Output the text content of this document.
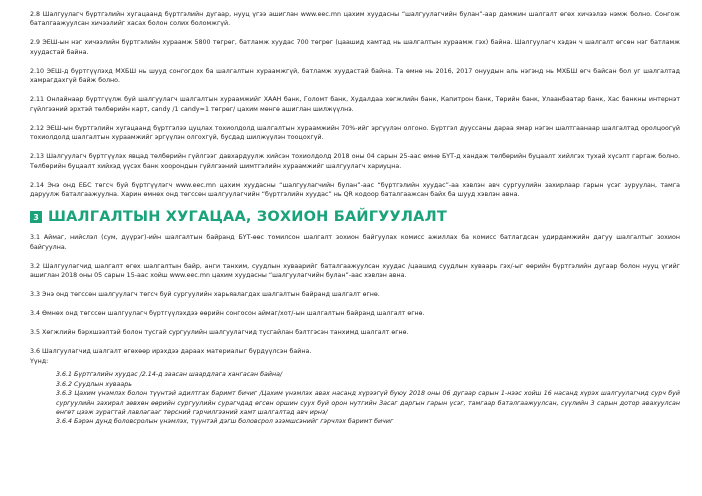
2.8 Шалгуулагч бүртгэлийн хугацаанд бүртгэлийн дугаар, нууц үгээ ашиглан www.eec.mn цахим хуудасны “шалгуулагчийн булан”-аар дамжин шалгалт өгөх хичээлээ нэмж болно. Сонгож баталгаажуулсан хичээлийг хасах болон солих боломжгүй.

2.9 ЭЕШ-ын нэг хичээлийн бүртгэлийн хураамж 5800 төгрөг, батламж хуудас 700 төгрөг (цаашид хамтад нь шалгалтын хураамж гэх) байна. Шалгуулагч хэдэн ч шалгалт өгсөн нэг батламж хуудастай байна.

2.10 ЭЕШ-д бүртгүүлэхд МХБШ нь шууд сонгогдох ба шалгалтын хураамжгүй, батламж хуудастай байна. Та өмнө нь 2016, 2017 онуудын аль нэгэнд нь МХБШ өгч байсан бол уг шалгалтад хамрагдахгүй байж болно.

2.11 Онлайнаар бүртгүүлж буй шалгуулагч шалгалтын хураамжийг ХААН банк, Голомт банк, Худалдаа хөгжлийн банк, Капитрон банк, Төрийн банк, Улаанбаатар банк, Хас банкны интернэт гүйлгээний эрхтэй төлбөрийн карт, candy /1 candy=1 төгрөг/ цахим мөнгө ашиглан шилжүүлнэ.

2.12 ЭЕШ-ын бүртгэлийн хугацаанд бүртгэлээ цуцлах тохиолдолд шалгалтын хураамжийн 70%-ийг эргүүлэн олгоно. Бүртгэл дууссаны дараа ямар нэгэн шалтгаанаар шалгалтад оролцоогүй тохиолдолд шалгалтын хураамжийг эргүүлэн олгохгүй, бусдад шилжүүлэн тооцохгүй.

2.13 Шалгуулагч бүртгүүлэх явцад төлбөрийн гүйлгээг давхардуулж хийсэн тохиолдолд 2018 оны 04 сарын 25-аас өмнө БҮТ-д хандаж төлбөрийн буцаалт хийлгэх тухай хүсэлт гаргаж болно. Төлбөрийн буцаалт хийхэд үүсэх банк хоорондын гүйлгээний шимтгэлийн хураамжийг шалгуулагч хариуцна.

2.14 Энэ онд ЕБС төгсч буй бүртгүүлэгч www.eec.mn цахим хуудасны “шалгуулагчийн булан”-аас “бүртгэлийн хуудас”-аа хэвлэн авч сургуулийн захирлаар гарын үсэг зуруулан, тамга даруулж баталгаажуулна. Харин өмнөх онд төгссөн шалгуулагчийн “бүртгэлийн хуудас” нь QR кодоор баталгаажсан байх ба шууд хэвлэн авна.

3 ШАЛГАЛТЫН ХУГАЦАА, ЗОХИОН БАЙГУУЛАЛТ

3.1 Аймаг, нийслэл (сум, дүүрэг)-ийн шалгалтын байранд БҮТ-өөс томилсон шалгалт зохион байгуулах комисс ажиллах ба комисс батлагдсан удирдамжийн дагуу шалгалтыг зохион байгуулна.

3.2 Шалгуулагчид шалгалт өгөх шалгалтын байр, анги танхим, суудлын хуваарийг баталгаажуулсан хуудас /цаашид суудлын хуваарь гэх/-ыг өөрийн бүртгэлийн дугаар болон нууц үгийг ашиглан 2018 оны 05 сарын 15-аас хойш www.eec.mn цахим хуудасны “шалгуулагчийн булан”-аас хэвлэн авна.

3.3 Энэ онд төгссөн шалгуулагч төгсч буй сургуулийн харьяалагдах шалгалтын байранд шалгалт өгнө.

3.4 Өмнөх онд төгссөн шалгуулагч бүртгүүлэхдээ өөрийн сонгосон аймаг/хот/-ын шалгалтын байранд шалгалт өгнө.

3.5 Хөгжлийн бэрхшээлтэй болон тусгай сургуулийн шалгуулагчид тусгайлан бэлтгэсэн танхимд шалгалт өгнө.

3.6 Шалгуулагчид шалгалт өгөхөөр ирэхдээ дараах материалыг бүрдүүлсэн байна.

Үүнд:

3.6.1 Бүртгэлийн хуудас /2.14-д заасан шаардлага хангасан байна/

3.6.2 Суудлын хуваарь

3.6.3 Цахим үнэмлэх болон түүнтэй адилтгах баримт бичиг /Цахим үнэмлэх авах насанд хүрээгүй буюу 2018 оны 06 дугаар сарын 1-нээс хойш 16 насанд хүрэх шалгуулагчид сурч буй сургуулийн захирал зөвхөн өөрийн сургуулийн сурагчдад өгсөн оршин суух буй орон нутгийн Засаг даргын гарын үсэг, тамгаар баталгаажуулсан, сүүлийн 3 сарын дотор авахуулсан өнгөт цээж зурагтай лавлагааг төрсний гэрчилгээний хамт шалгалтад авч ирнэ/

3.6.4 Бэрэн дунд боловсролын үнэмлэх, түүнтэй дэгш боловсрол эзэмшсэнийг гэрчлэх баримт бичиг
